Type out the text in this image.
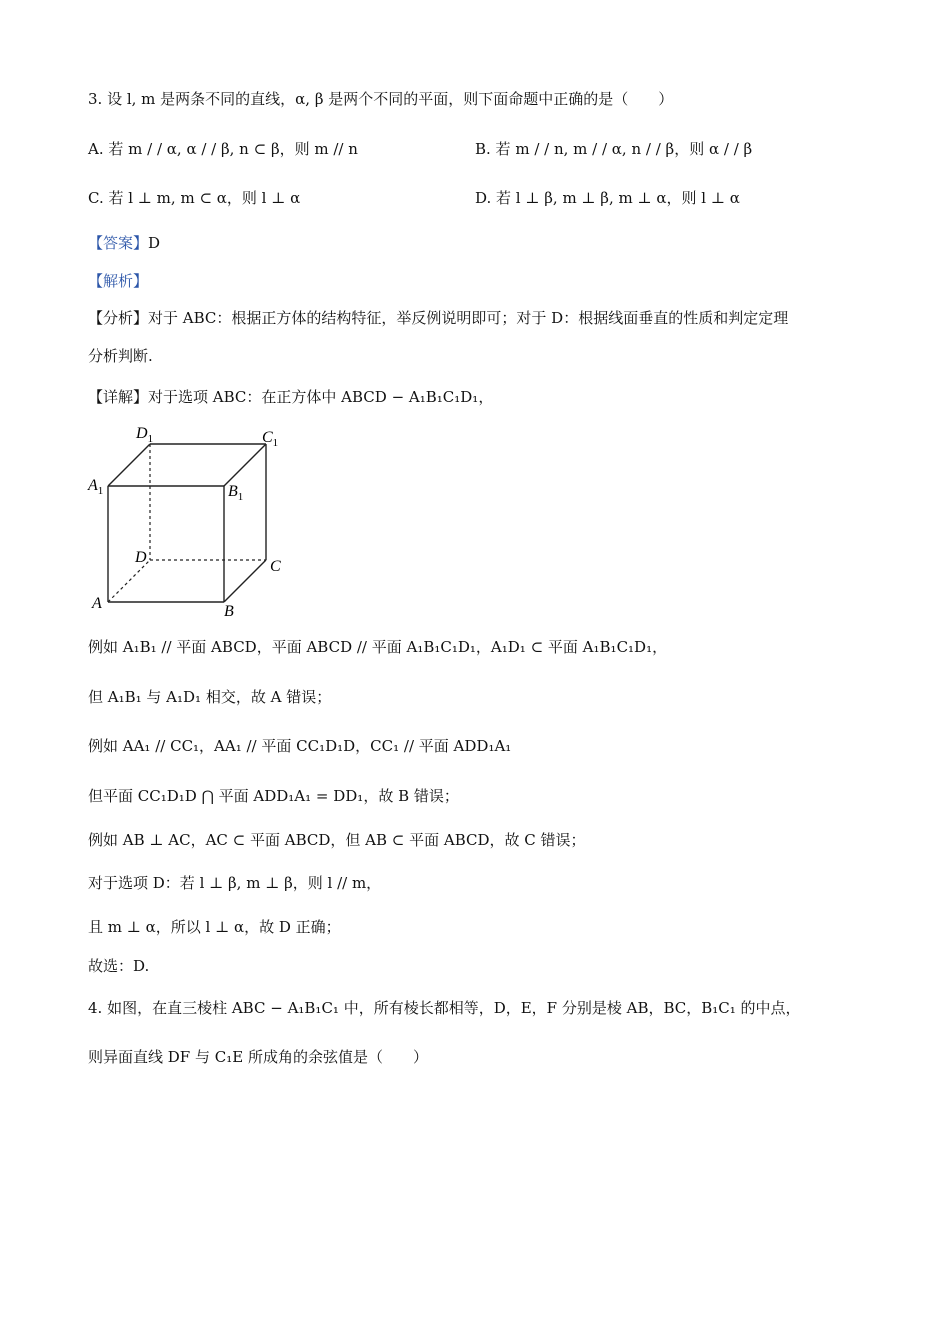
3. 设 l, m 是两条不同的直线，α, β 是两个不同的平面，则下面命题中正确的是（　　）
A. 若 m / / α, α / / β, n ⊂ β，则 m // n	B. 若 m / / n, m / / α, n / / β，则 α / / β
C. 若 l ⊥ m, m ⊂ α，则 l ⊥ α	D. 若 l ⊥ β, m ⊥ β, m ⊥ α，则 l ⊥ α
【答案】D
【解析】
【分析】对于 ABC：根据正方体的结构特征，举反例说明即可；对于 D：根据线面垂直的性质和判定定理
分析判断.
【详解】对于选项 ABC：在正方体中 ABCD − A₁B₁C₁D₁，
$D_1$	$C_1$
$A_1$	$B_1$
D
C
A	B
例如 A₁B₁ // 平面 ABCD，平面 ABCD // 平面 A₁B₁C₁D₁，A₁D₁ ⊂ 平面 A₁B₁C₁D₁，
但 A₁B₁ 与 A₁D₁ 相交，故 A 错误；
例如 AA₁ // CC₁，AA₁ // 平面 CC₁D₁D，CC₁ // 平面 ADD₁A₁
但平面 CC₁D₁D ⋂ 平面 ADD₁A₁ = DD₁，故 B 错误；
例如 AB ⊥ AC，AC ⊂ 平面 ABCD，但 AB ⊂ 平面 ABCD，故 C 错误；
对于选项 D：若 l ⊥ β, m ⊥ β，则 l // m，
且 m ⊥ α，所以 l ⊥ α，故 D 正确；
故选：D.
4. 如图，在直三棱柱 ABC − A₁B₁C₁ 中，所有棱长都相等，D，E，F 分别是棱 AB，BC，B₁C₁ 的中点，
则异面直线 DF 与 C₁E 所成角的余弦值是（　　）
